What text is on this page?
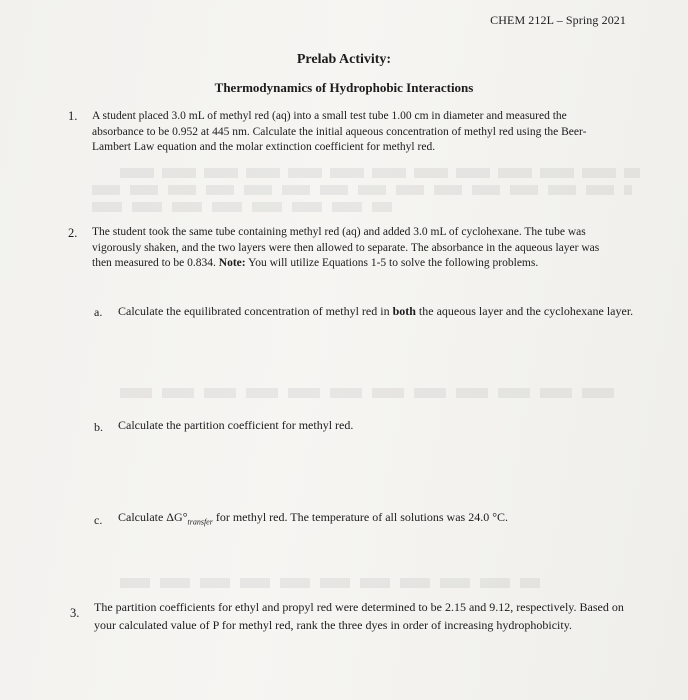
CHEM 212L – Spring 2021
Prelab Activity:
Thermodynamics of Hydrophobic Interactions
1. A student placed 3.0 mL of methyl red (aq) into a small test tube 1.00 cm in diameter and measured the
absorbance to be 0.952 at 445 nm. Calculate the initial aqueous concentration of methyl red using the Beer-
Lambert Law equation and the molar extinction coefficient for methyl red.
2. The student took the same tube containing methyl red (aq) and added 3.0 mL of cyclohexane. The tube was
vigorously shaken, and the two layers were then allowed to separate. The absorbance in the aqueous layer was
then measured to be 0.834. Note: You will utilize Equations 1-5 to solve the following problems.
a. Calculate the equilibrated concentration of methyl red in both the aqueous layer and the cyclohexane layer.
b. Calculate the partition coefficient for methyl red.
c. Calculate $\Delta G^\circ_{transfer}$ for methyl red. The temperature of all solutions was 24.0 °C.
3. The partition coefficients for ethyl and propyl red were determined to be 2.15 and 9.12, respectively. Based on
your calculated value of P for methyl red, rank the three dyes in order of increasing hydrophobicity.
